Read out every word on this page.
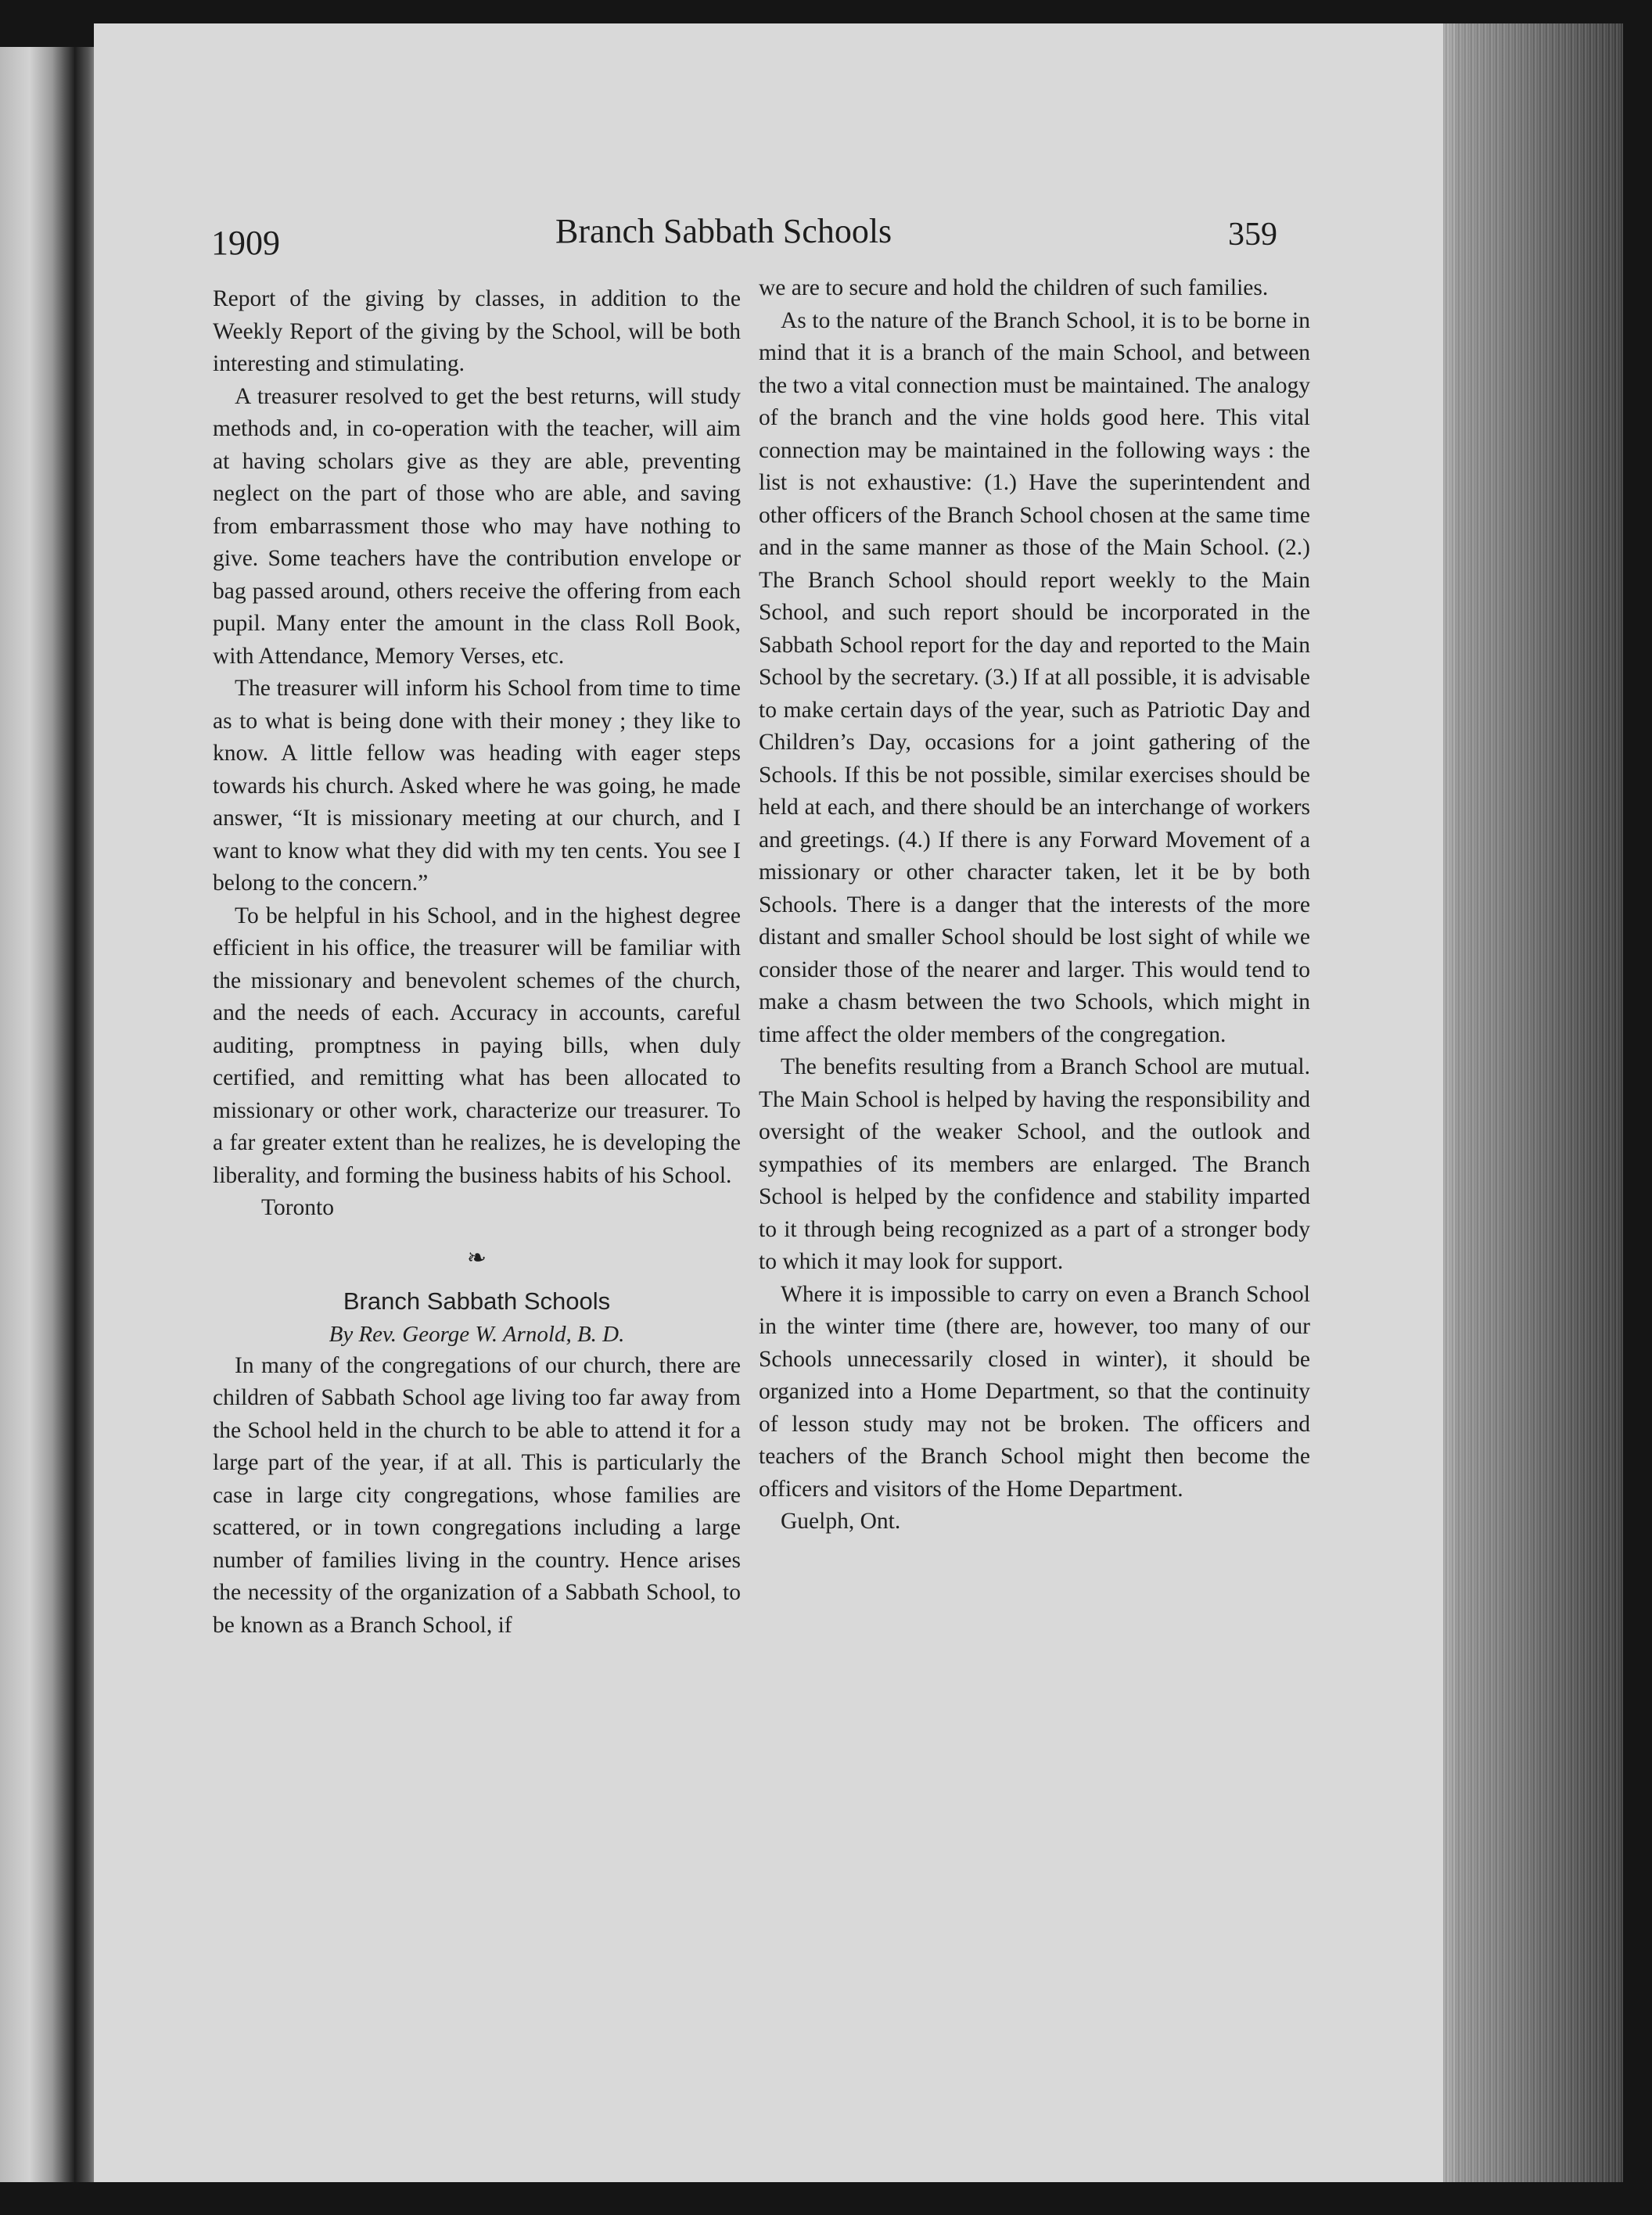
1909	Branch Sabbath Schools	359

Report of the giving by classes, in addition to the Weekly Report of the giving by the School, will be both interesting and stimulating.

A treasurer resolved to get the best returns, will study methods and, in co-operation with the teacher, will aim at having scholars give as they are able, preventing neglect on the part of those who are able, and saving from embarrassment those who may have nothing to give. Some teachers have the contribution envelope or bag passed around, others receive the offering from each pupil. Many enter the amount in the class Roll Book, with Attendance, Memory Verses, etc.

The treasurer will inform his School from time to time as to what is being done with their money ; they like to know. A little fellow was heading with eager steps towards his church. Asked where he was going, he made answer, “It is missionary meeting at our church, and I want to know what they did with my ten cents. You see I belong to the concern.”

To be helpful in his School, and in the highest degree efficient in his office, the treasurer will be familiar with the missionary and benevolent schemes of the church, and the needs of each. Accuracy in accounts, careful auditing, promptness in paying bills, when duly certified, and remitting what has been allocated to missionary or other work, characterize our treasurer. To a far greater extent than he realizes, he is developing the liberality, and forming the business habits of his School.

Toronto

❧

Branch Sabbath Schools

By Rev. George W. Arnold, B. D.

In many of the congregations of our church, there are children of Sabbath School age living too far away from the School held in the church to be able to attend it for a large part of the year, if at all. This is particularly the case in large city congregations, whose families are scattered, or in town congregations including a large number of families living in the country. Hence arises the necessity of the organization of a Sabbath School, to be known as a Branch School, if

we are to secure and hold the children of such families.

As to the nature of the Branch School, it is to be borne in mind that it is a branch of the main School, and between the two a vital connection must be maintained. The analogy of the branch and the vine holds good here. This vital connection may be maintained in the following ways : the list is not exhaustive: (1.) Have the superintendent and other officers of the Branch School chosen at the same time and in the same manner as those of the Main School. (2.) The Branch School should report weekly to the Main School, and such report should be incorporated in the Sabbath School report for the day and reported to the Main School by the secretary. (3.) If at all possible, it is advisable to make certain days of the year, such as Patriotic Day and Children’s Day, occasions for a joint gathering of the Schools. If this be not possible, similar exercises should be held at each, and there should be an interchange of workers and greetings. (4.) If there is any Forward Movement of a missionary or other character taken, let it be by both Schools. There is a danger that the interests of the more distant and smaller School should be lost sight of while we consider those of the nearer and larger. This would tend to make a chasm between the two Schools, which might in time affect the older members of the congregation.

The benefits resulting from a Branch School are mutual. The Main School is helped by having the responsibility and oversight of the weaker School, and the outlook and sympathies of its members are enlarged. The Branch School is helped by the confidence and stability imparted to it through being recognized as a part of a stronger body to which it may look for support.

Where it is impossible to carry on even a Branch School in the winter time (there are, however, too many of our Schools unnecessarily closed in winter), it should be organized into a Home Department, so that the continuity of lesson study may not be broken. The officers and teachers of the Branch School might then become the officers and visitors of the Home Department.

Guelph, Ont.
